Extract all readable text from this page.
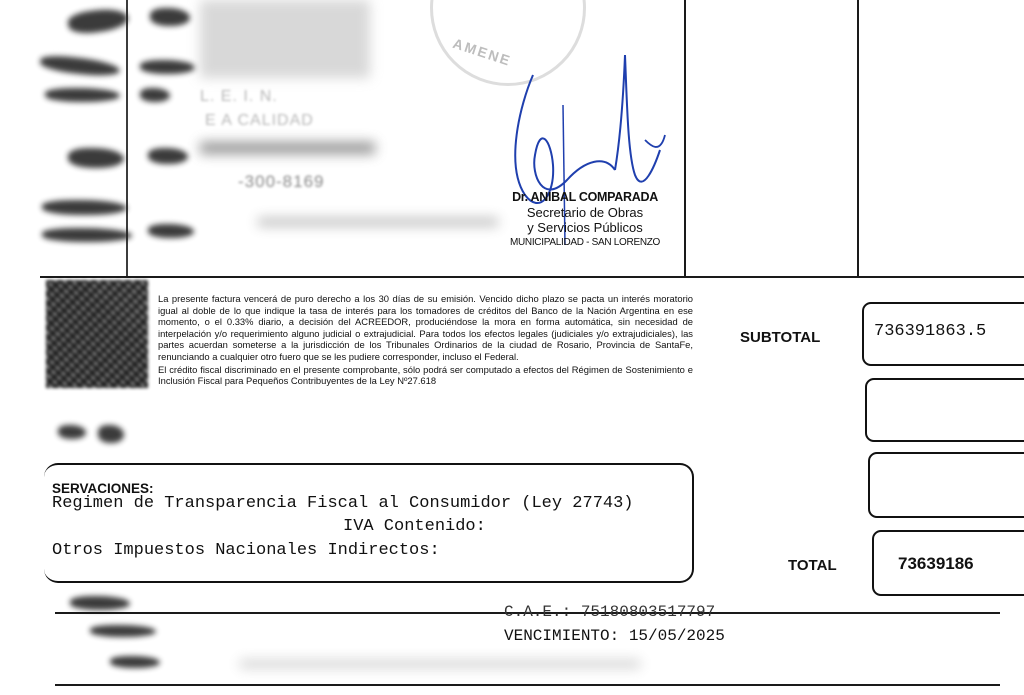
L. E. I. N.
E A CALIDAD
-300-8169
AMENE
Dr. ANIBAL COMPARADA
Secretario de Obras
y Servicios Públicos
MUNICIPALIDAD - SAN LORENZO

La presente factura vencerá de puro derecho a los 30 días de su emisión. Vencido dicho plazo se pacta un interés moratorio igual al doble de lo que indique la tasa de interés para los tomadores de créditos del Banco de la Nación Argentina en ese momento, o el 0.33% diario, a decisión del ACREEDOR, produciéndose la mora en forma automática, sin necesidad de interpelación y/o requerimiento alguno judicial o extrajudicial. Para todos los efectos legales (judiciales y/o extrajudiciales), las partes acuerdan someterse a la jurisdicción de los Tribunales Ordinarios de la ciudad de Rosario, Provincia de SantaFe, renunciando a cualquier otro fuero que se les pudiere corresponder, incluso el Federal.

El crédito fiscal discriminado en el presente comprobante, sólo podrá ser computado a efectos del Régimen de Sostenimiento e Inclusión Fiscal para Pequeños Contribuyentes de la Ley Nº27.618

SUBTOTAL	736391863.5
TOTAL	73639186
SERVACIONES:
Regimen de Transparencia Fiscal al Consumidor (Ley 27743)
IVA Contenido:
Otros Impuestos Nacionales Indirectos:
C.A.E.: 75180803517797
VENCIMIENTO: 15/05/2025
